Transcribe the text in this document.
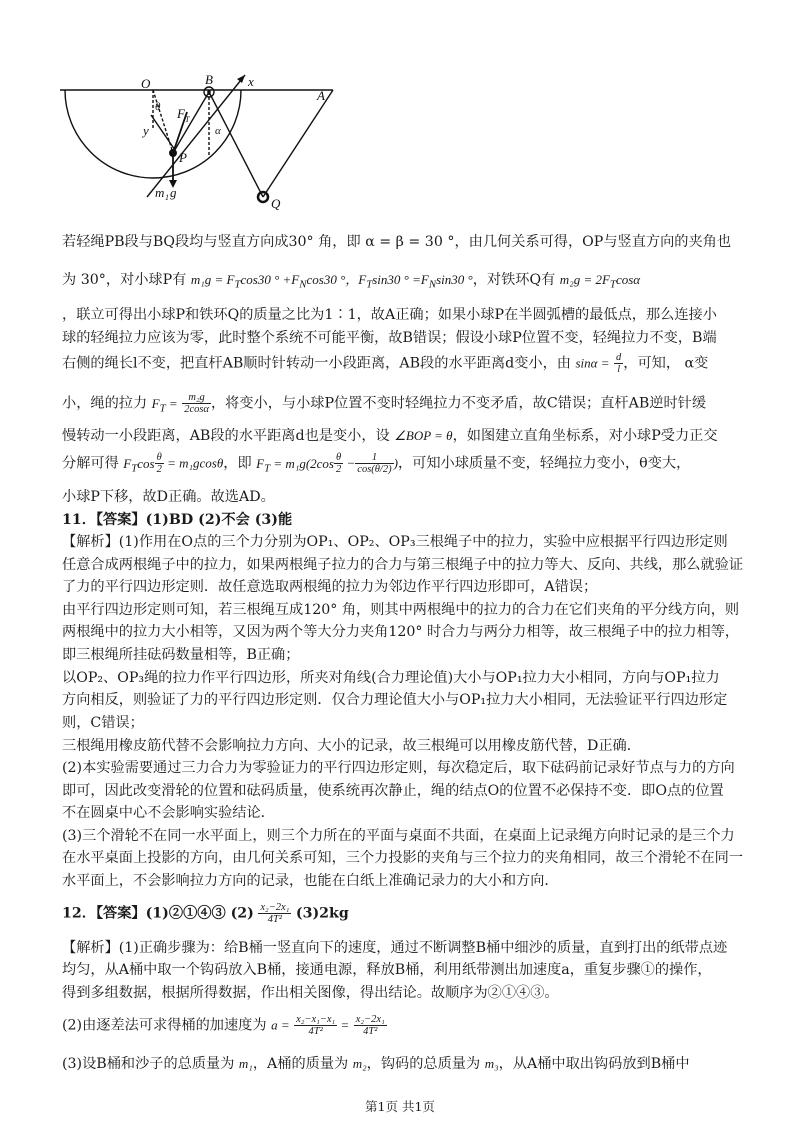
O	B	x
A
y
θ F T
α
P
m 1 g
Q
若轻绳PB段与BQ段均与竖直方向成30° 角，即 α = β = 30 °，由几何关系可得，OP与竖直方向的夹角也
为 30°，对小球P有 $m_1g = F_T\cos 30$ ° $+F_N\cos 30$ °，$F_T\sin 30$ ° $=F_N\sin 30$ °，对铁环Q有 $m_2g = 2F_T\cos\alpha$
，联立可得出小球P和铁环Q的质量之比为1∶1，故A正确；如果小球P在半圆弧槽的最低点，那么连接小
球的轻绳拉力应该为零，此时整个系统不可能平衡，故B错误；假设小球P位置不变，轻绳拉力不变，B端
右侧的绳长l不变，把直杆AB顺时针转动一小段距离，AB段的水平距离d变小，由 $\sin\alpha = \frac{d}{l}$ ，可知， α变
小，绳的拉力 $F_T = \frac{\text{m₂g}}{2\cos\alpha}$ ，将变小，与小球P位置不变时轻绳拉力不变矛盾，故C错误；直杆AB逆时针缓
慢转动一小段距离，AB段的水平距离d也是变小，设 ∠BOP = θ，如图建立直角坐标系，对小球P受力正交
分解可得 $F_T\cos \frac{\theta}{2} = m_1gcos\theta$，即 $F_T = m_1g(2\cos \frac{\theta}{2} - \frac{1}{\cos(\theta/2)}$ )，可知小球质量不变，轻绳拉力变小，θ变大，
小球P下移，故D正确。故选AD。
11．【答案】(1)BD (2)不会 (3)能
【解析】(1)作用在O点的三个力分别为OP₁、OP₂、OP₃三根绳子中的拉力，实验中应根据平行四边形定则
任意合成两根绳子中的拉力，如果两根绳子拉力的合力与第三根绳子中的拉力等大、反向、共线，那么就验证
了力的平行四边形定则．故任意选取两根绳的拉力为邻边作平行四边形即可，A错误；
由平行四边形定则可知，若三根绳互成120° 角，则其中两根绳中的拉力的合力在它们夹角的平分线方向，则
两根绳中的拉力大小相等，又因为两个等大分力夹角120° 时合力与两分力相等，故三根绳子中的拉力相等，
即三根绳所挂砝码数量相等，B正确；
以OP₂、OP₃绳的拉力作平行四边形，所夹对角线(合力理论值)大小与OP₁拉力大小相同，方向与OP₁拉力
方向相反，则验证了力的平行四边形定则．仅合力理论值大小与OP₁拉力大小相同，无法验证平行四边形定
则，C错误；
三根绳用橡皮筋代替不会影响拉力方向、大小的记录，故三根绳可以用橡皮筋代替，D正确．
(2)本实验需要通过三力合力为零验证力的平行四边形定则，每次稳定后，取下砝码前记录好节点与力的方向
即可，因此改变滑轮的位置和砝码质量，使系统再次静止，绳的结点O的位置不必保持不变．即O点的位置
不在圆桌中心不会影响实验结论．
(3)三个滑轮不在同一水平面上，则三个力所在的平面与桌面不共面，在桌面上记录绳方向时记录的是三个力
在水平桌面上投影的方向，由几何关系可知，三个力投影的夹角与三个拉力的夹角相同，故三个滑轮不在同一
水平面上，不会影响拉力方向的记录，也能在白纸上准确记录力的大小和方向．
12．【答案】(1)②①④③ $(2) \frac{\text{x₂−2x₁}}{\text{4T²}} (3)2kg$
【解析】(1)正确步骤为：给B桶一竖直向下的速度，通过不断调整B桶中细沙的质量，直到打出的纸带点迹
均匀，从A桶中取一个钩码放入B桶，接通电源，释放B桶，利用纸带测出加速度a，重复步骤①的操作，
得到多组数据，根据所得数据，作出相关图像，得出结论。故顺序为②①④③。
(2)由逐差法可求得桶的加速度为 $a = \frac{\text{x₂−x₁−x₁}}{\text{4T²}} = \frac{\text{x₂−2x₁}}{\text{4T²}}$
(3)设B桶和沙子的总质量为 m₁，A桶的质量为 m₂，钩码的总质量为 m₃，从A桶中取出钩码放到B桶中
第1页 共1页
